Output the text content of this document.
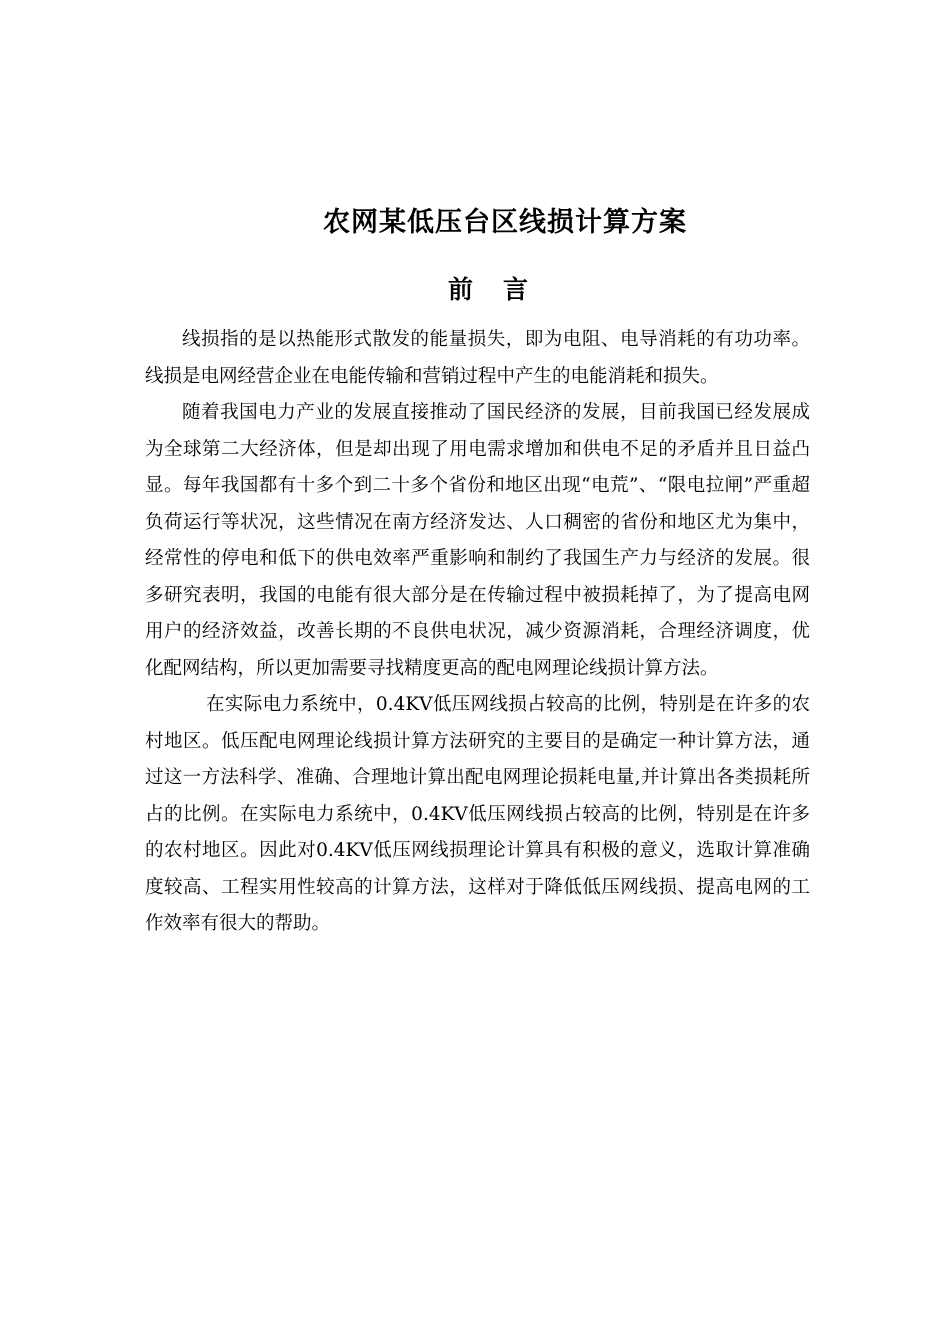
农网某低压台区线损计算方案
前言

线损指的是以热能形式散发的能量损失，即为电阻、电导消耗的有功功率。线损是电网经营企业在电能传输和营销过程中产生的电能消耗和损失。

随着我国电力产业的发展直接推动了国民经济的发展，目前我国已经发展成为全球第二大经济体，但是却出现了用电需求增加和供电不足的矛盾并且日益凸显。每年我国都有十多个到二十多个省份和地区出现“电荒”、“限电拉闸”严重超负荷运行等状况，这些情况在南方经济发达、人口稠密的省份和地区尤为集中，经常性的停电和低下的供电效率严重影响和制约了我国生产力与经济的发展。很多研究表明，我国的电能有很大部分是在传输过程中被损耗掉了，为了提高电网用户的经济效益，改善长期的不良供电状况，减少资源消耗，合理经济调度，优化配网结构，所以更加需要寻找精度更高的配电网理论线损计算方法。

在实际电力系统中，0.4KV低压网线损占较高的比例，特别是在许多的农村地区。低压配电网理论线损计算方法研究的主要目的是确定一种计算方法，通过这一方法科学、准确、合理地计算出配电网理论损耗电量,并计算出各类损耗所占的比例。在实际电力系统中，0.4KV低压网线损占较高的比例，特别是在许多的农村地区。因此对0.4KV低压网线损理论计算具有积极的意义，选取计算准确度较高、工程实用性较高的计算方法，这样对于降低低压网线损、提高电网的工作效率有很大的帮助。
